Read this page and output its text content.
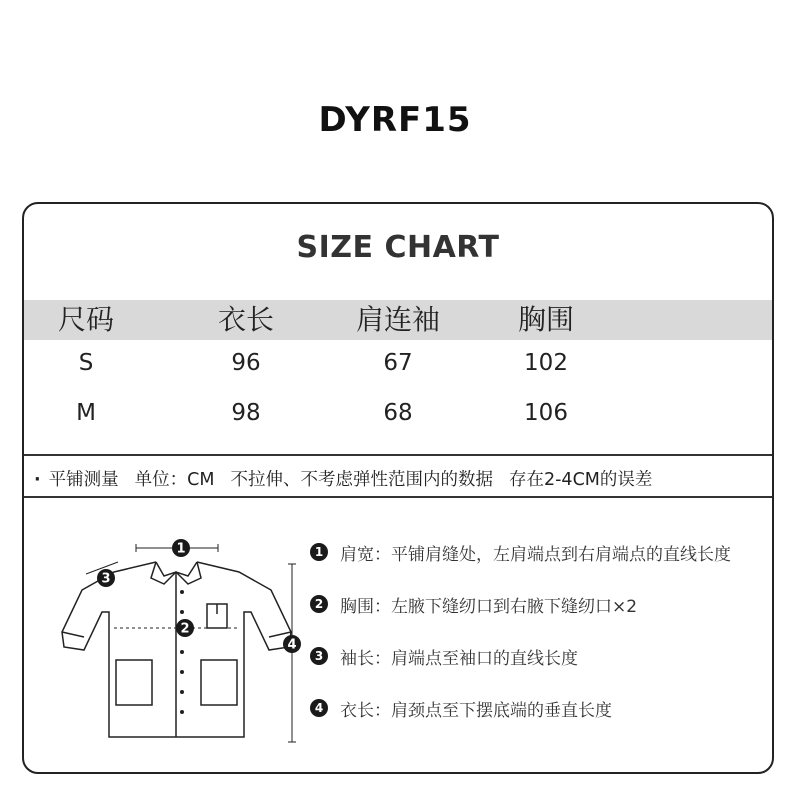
DYRF15
SIZE CHART
尺码	衣长	肩连袖	胸围
S	96	67	102
M	98	68	106
· 平铺测量 单位：CM 不拉伸、不考虑弹性范围内的数据 存在2-4CM的误差
1
2
3
4
1 肩宽：平铺肩缝处，左肩端点到右肩端点的直线长度
2 胸围：左腋下缝纫口到右腋下缝纫口×2
3 袖长：肩端点至袖口的直线长度
4 衣长：肩颈点至下摆底端的垂直长度
